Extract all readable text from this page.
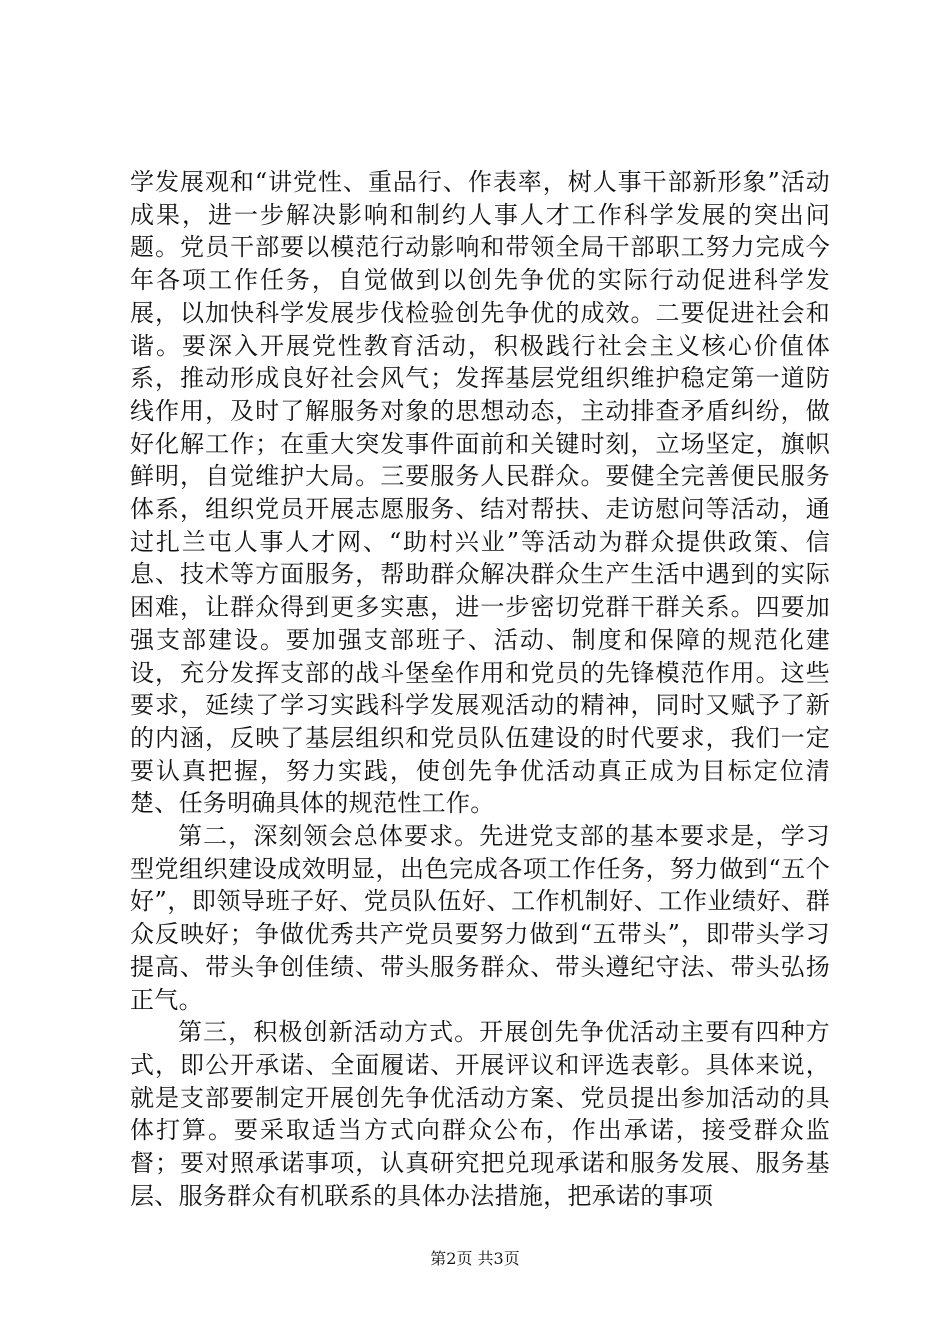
学发展观和“讲党性、重品行、作表率，树人事干部新形象”活动成果，进一步解决影响和制约人事人才工作科学发展的突出问题。党员干部要以模范行动影响和带领全局干部职工努力完成今年各项工作任务，自觉做到以创先争优的实际行动促进科学发展，以加快科学发展步伐检验创先争优的成效。二要促进社会和谐。要深入开展党性教育活动，积极践行社会主义核心价值体系，推动形成良好社会风气；发挥基层党组织维护稳定第一道防线作用，及时了解服务对象的思想动态，主动排查矛盾纠纷，做好化解工作；在重大突发事件面前和关键时刻，立场坚定，旗帜鲜明，自觉维护大局。三要服务人民群众。要健全完善便民服务体系，组织党员开展志愿服务、结对帮扶、走访慰问等活动，通过扎兰屯人事人才网、“助村兴业”等活动为群众提供政策、信息、技术等方面服务，帮助群众解决群众生产生活中遇到的实际困难，让群众得到更多实惠，进一步密切党群干群关系。四要加强支部建设。要加强支部班子、活动、制度和保障的规范化建设，充分发挥支部的战斗堡垒作用和党员的先锋模范作用。这些要求，延续了学习实践科学发展观活动的精神，同时又赋予了新的内涵，反映了基层组织和党员队伍建设的时代要求，我们一定要认真把握，努力实践，使创先争优活动真正成为目标定位清楚、任务明确具体的规范性工作。

第二，深刻领会总体要求。先进党支部的基本要求是，学习型党组织建设成效明显，出色完成各项工作任务，努力做到“五个好”，即领导班子好、党员队伍好、工作机制好、工作业绩好、群众反映好；争做优秀共产党员要努力做到“五带头”，即带头学习提高、带头争创佳绩、带头服务群众、带头遵纪守法、带头弘扬正气。

第三，积极创新活动方式。开展创先争优活动主要有四种方式，即公开承诺、全面履诺、开展评议和评选表彰。具体来说，就是支部要制定开展创先争优活动方案、党员提出参加活动的具体打算。要采取适当方式向群众公布，作出承诺，接受群众监督；要对照承诺事项，认真研究把兑现承诺和服务发展、服务基层、服务群众有机联系的具体办法措施，把承诺的事项

第2页 共3页
